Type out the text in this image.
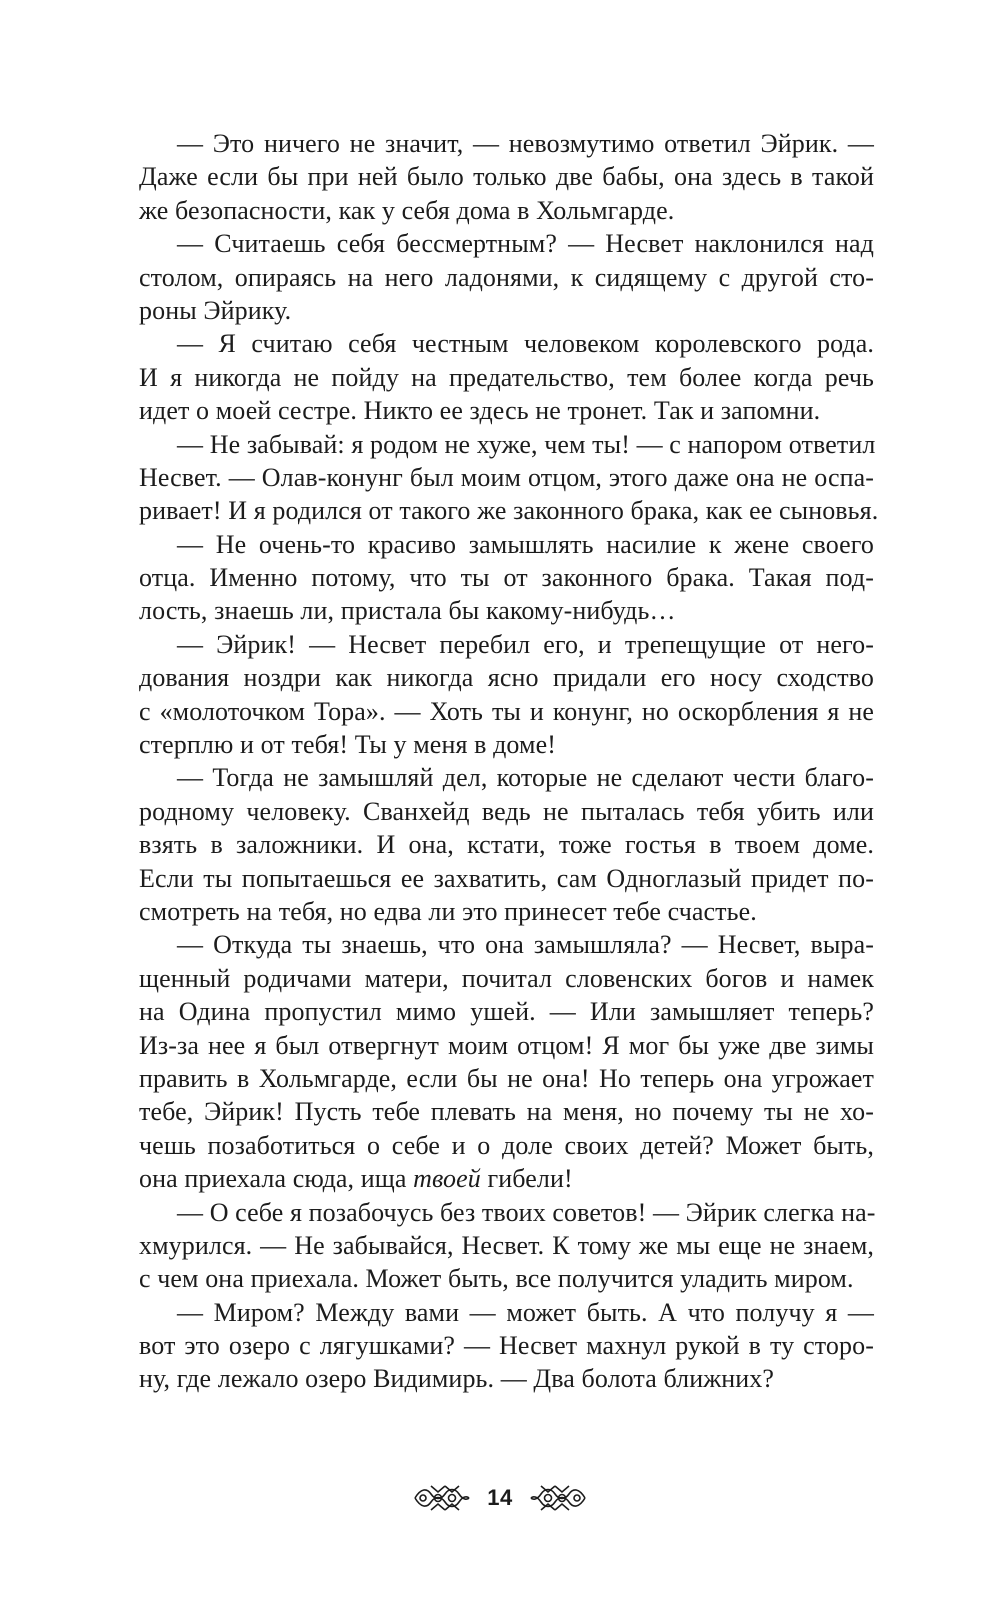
— Это ничего не значит, — невозмутимо ответил Эйрик. —
Даже если бы при ней было только две бабы, она здесь в такой
же безопасности, как у себя дома в Хольмгарде.
— Считаешь себя бессмертным? — Несвет наклонился над
столом, опираясь на него ладонями, к сидящему с другой сто-
роны Эйрику.
— Я считаю себя честным человеком королевского рода.
И я никогда не пойду на предательство, тем более когда речь
идет о моей сестре. Никто ее здесь не тронет. Так и запомни.
— Не забывай: я родом не хуже, чем ты! — с напором ответил
Несвет. — Олав-конунг был моим отцом, этого даже она не оспа-
ривает! И я родился от такого же законного брака, как ее сыновья.
— Не очень-то красиво замышлять насилие к жене своего
отца. Именно потому, что ты от законного брака. Такая под-
лость, знаешь ли, пристала бы какому-нибудь…
— Эйрик! — Несвет перебил его, и трепещущие от него-
дования ноздри как никогда ясно придали его носу сходство
с «молоточком Тора». — Хоть ты и конунг, но оскорбления я не
стерплю и от тебя! Ты у меня в доме!
— Тогда не замышляй дел, которые не сделают чести благо-
родному человеку. Сванхейд ведь не пыталась тебя убить или
взять в заложники. И она, кстати, тоже гостья в твоем доме.
Если ты попытаешься ее захватить, сам Одноглазый придет по-
смотреть на тебя, но едва ли это принесет тебе счастье.
— Откуда ты знаешь, что она замышляла? — Несвет, выра-
щенный родичами матери, почитал словенских богов и намек
на Одина пропустил мимо ушей. — Или замышляет теперь?
Из-за нее я был отвергнут моим отцом! Я мог бы уже две зимы
править в Хольмгарде, если бы не она! Но теперь она угрожает
тебе, Эйрик! Пусть тебе плевать на меня, но почему ты не хо-
чешь позаботиться о себе и о доле своих детей? Может быть,
она приехала сюда, ища твоей гибели!
— О себе я позабочусь без твоих советов! — Эйрик слегка на-
хмурился. — Не забывайся, Несвет. К тому же мы еще не знаем,
с чем она приехала. Может быть, все получится уладить миром.
— Миром? Между вами — может быть. А что получу я —
вот это озеро с лягушками? — Несвет махнул рукой в ту сторо-
ну, где лежало озеро Видимирь. — Два болота ближних?
14
